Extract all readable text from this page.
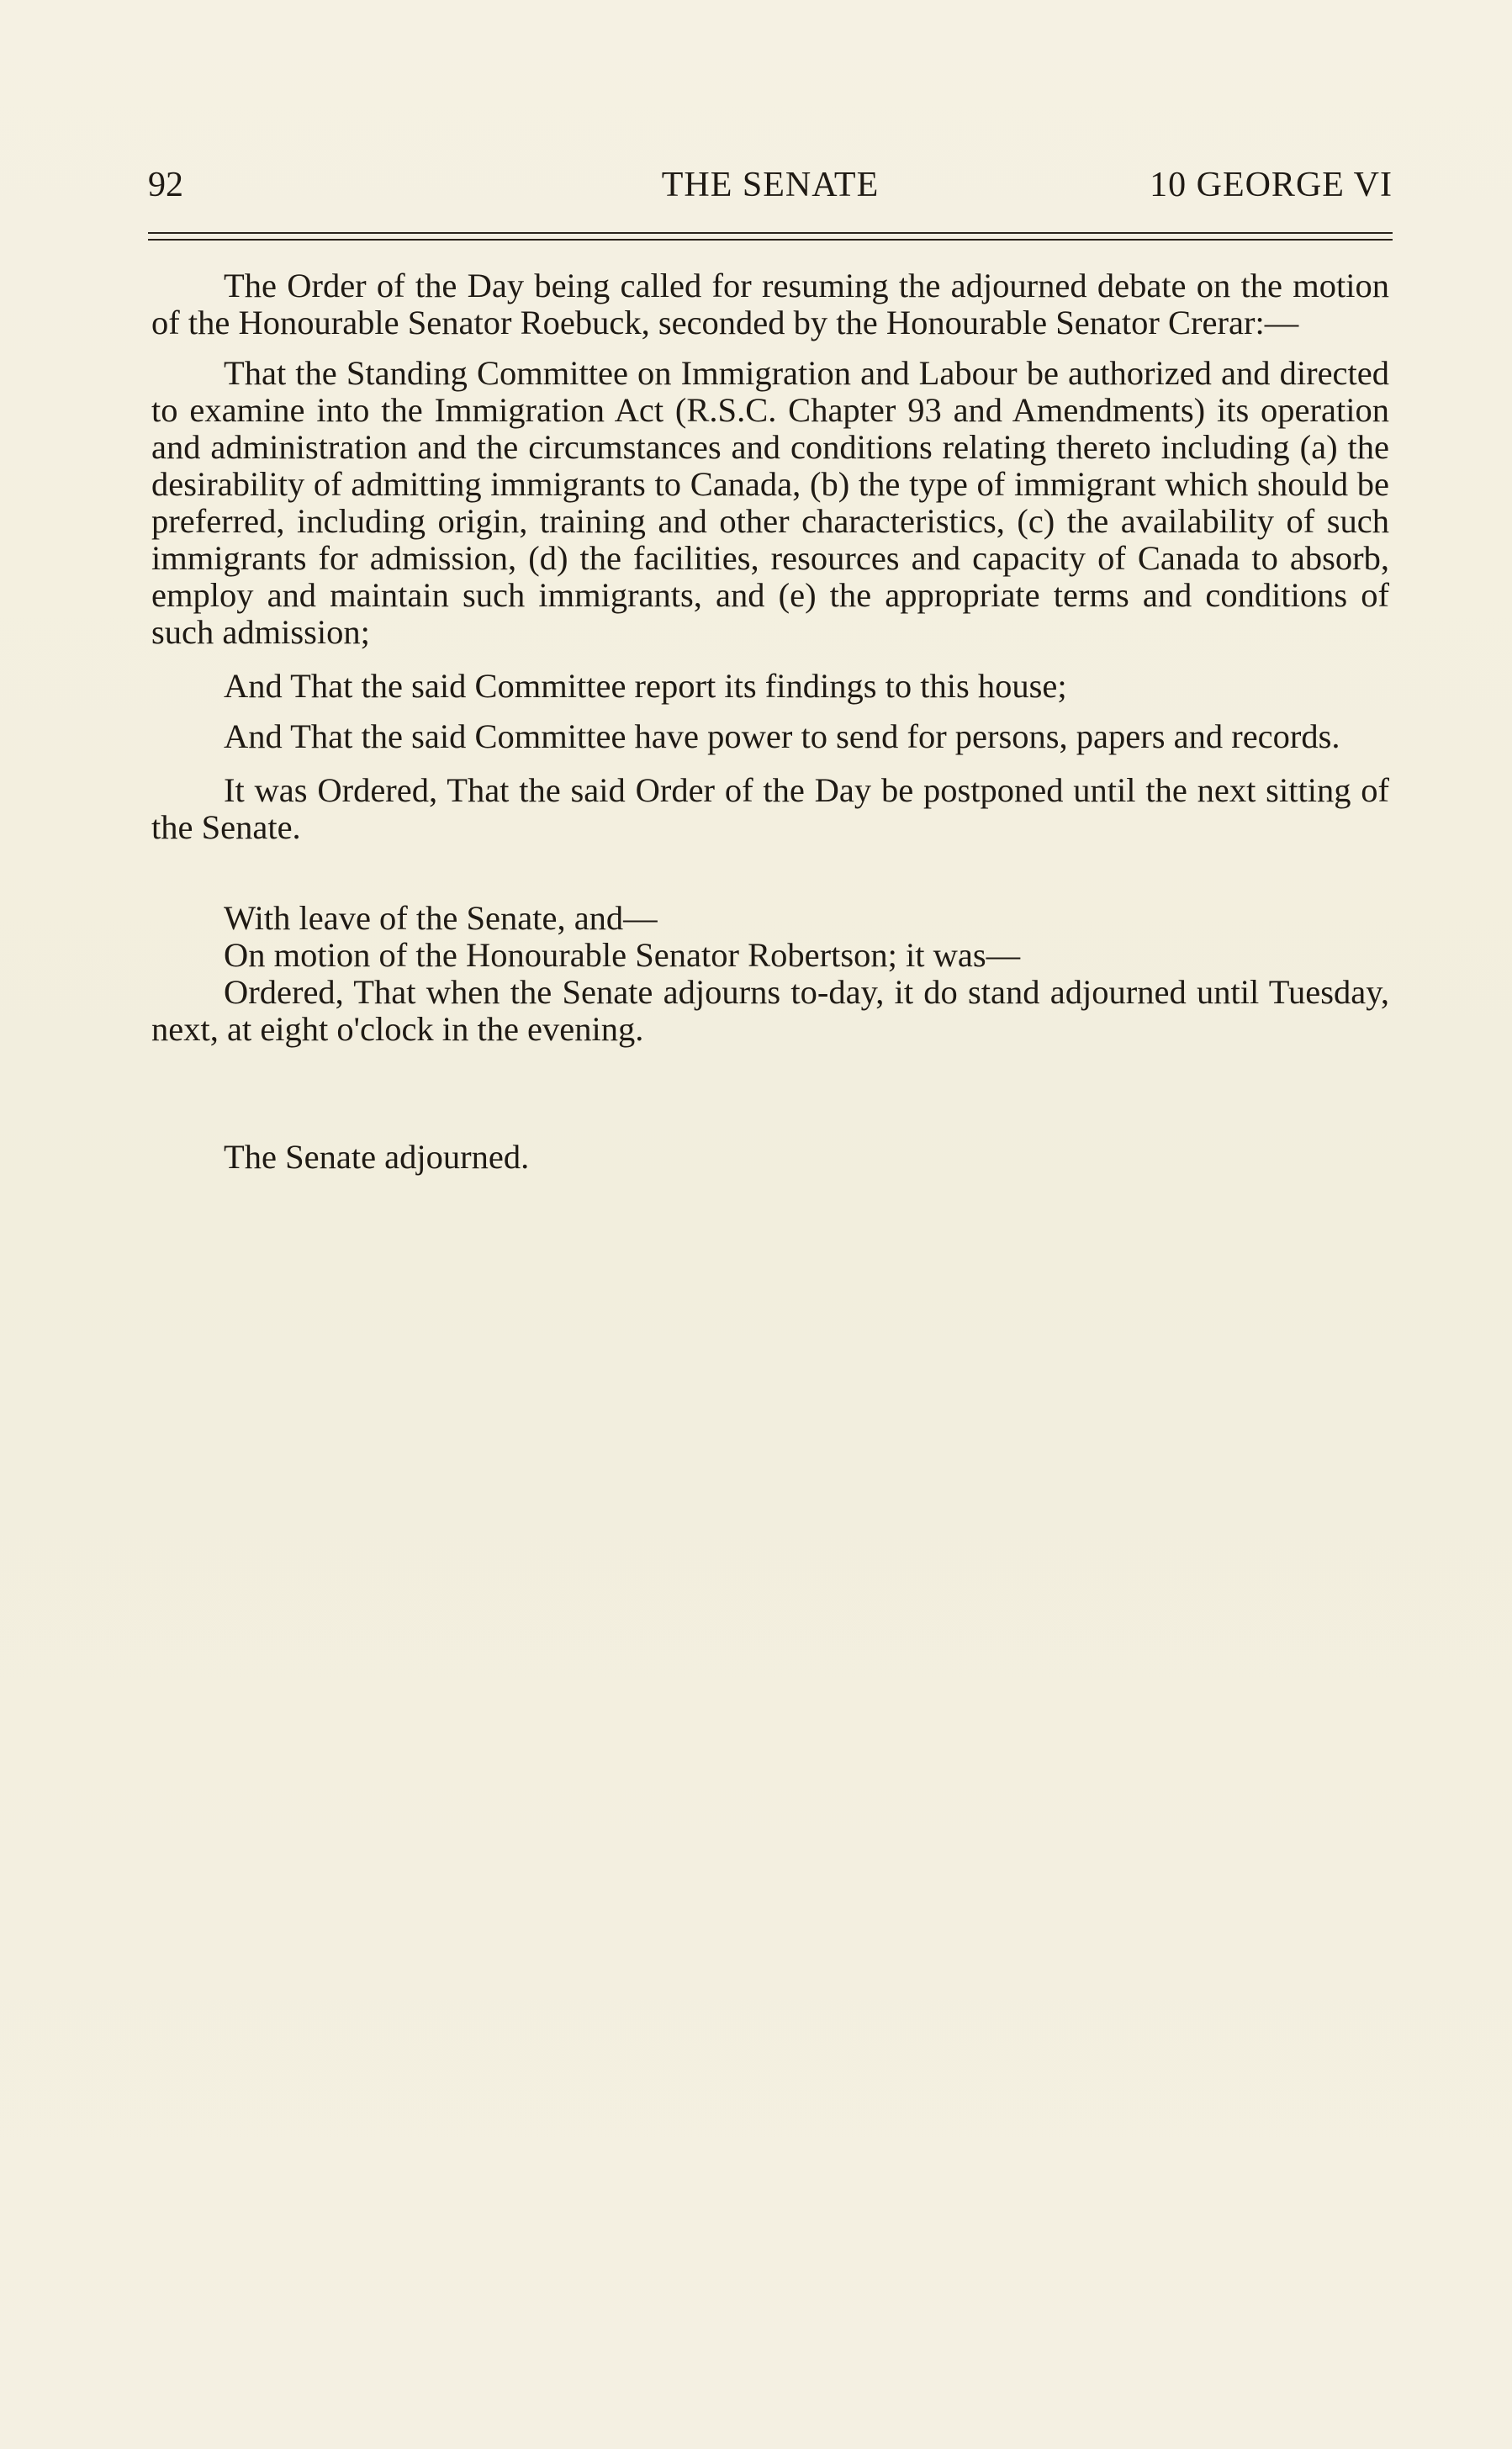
92	THE SENATE	10 GEORGE VI

The Order of the Day being called for resuming the adjourned debate on the motion of the Honourable Senator Roebuck, seconded by the Honourable Senator Crerar:—

That the Standing Committee on Immigration and Labour be authorized and directed to examine into the Immigration Act (R.S.C. Chapter 93 and Amendments) its operation and administration and the circumstances and conditions relating thereto including (a) the desirability of admitting immigrants to Canada, (b) the type of immigrant which should be preferred, including origin, training and other characteristics, (c) the availability of such immigrants for admission, (d) the facilities, resources and capacity of Canada to absorb, employ and maintain such immigrants, and (e) the appropriate terms and conditions of such admission;

And That the said Committee report its findings to this house;

And That the said Committee have power to send for persons, papers and records.

It was Ordered, That the said Order of the Day be postponed until the next sitting of the Senate.

With leave of the Senate, and—

On motion of the Honourable Senator Robertson; it was—

Ordered, That when the Senate adjourns to-day, it do stand adjourned until Tuesday, next, at eight o'clock in the evening.

The Senate adjourned.
